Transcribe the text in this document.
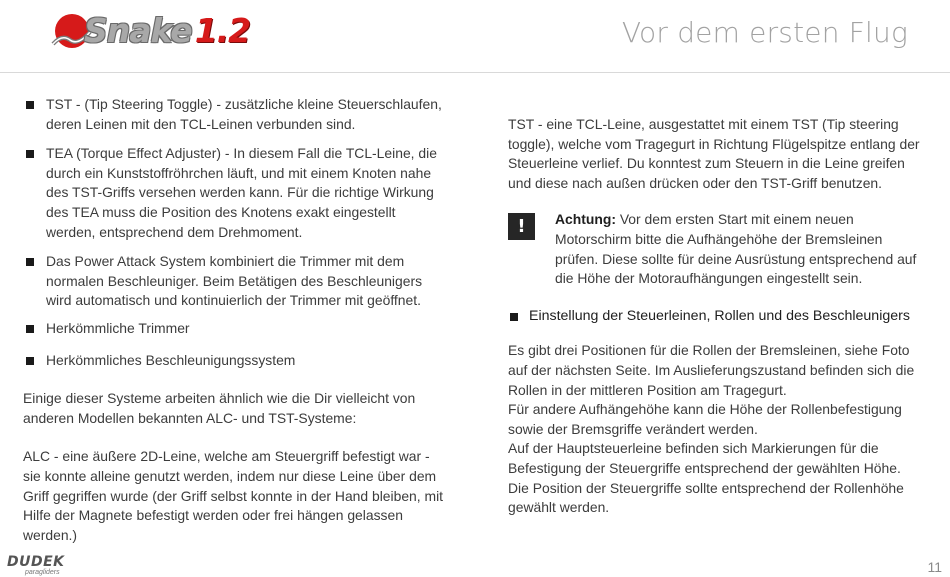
Snake1.2	Vor dem ersten Flug

TST - (Tip Steering Toggle) - zusätzliche kleine Steuerschlaufen, deren Leinen mit den TCL-Leinen verbunden sind.

TEA (Torque Effect Adjuster) - In diesem Fall die TCL-Leine, die durch ein Kunststoffröhrchen läuft, und mit einem Knoten nahe des TST-Griffs versehen werden kann. Für die richtige Wirkung des TEA muss die Position des Knotens exakt eingestellt werden, entsprechend dem Drehmoment.

Das Power Attack System kombiniert die Trimmer mit dem normalen Beschleuniger. Beim Betätigen des Beschleunigers wird automatisch und kontinuierlich der Trimmer mit geöffnet.

Herkömmliche Trimmer

Herkömmliches Beschleunigungssystem

Einige dieser Systeme arbeiten ähnlich wie die Dir vielleicht von anderen Modellen bekannten ALC- und TST-Systeme:

ALC - eine äußere 2D-Leine, welche am Steuergriff befestigt war - sie konnte alleine genutzt werden, indem nur diese Leine über dem Griff gegriffen wurde (der Griff selbst konnte in der Hand bleiben, mit Hilfe der Magnete befestigt werden oder frei hängen gelassen werden.)

TST - eine TCL-Leine, ausgestattet mit einem TST (Tip steering toggle), welche vom Tragegurt in Richtung Flügelspitze entlang der Steuerleine verlief. Du konntest zum Steuern in die Leine greifen und diese nach außen drücken oder den TST-Griff benutzen.

!	Achtung: Vor dem ersten Start mit einem neuen Motorschirm bitte die Aufhängehöhe der Bremsleinen prüfen. Diese sollte für deine Ausrüstung entsprechend auf die Höhe der Motoraufhängungen eingestellt sein.

Einstellung der Steuerleinen, Rollen und des Beschleunigers

Es gibt drei Positionen für die Rollen der Bremsleinen, siehe Foto auf der nächsten Seite. Im Auslieferungszustand befinden sich die Rollen in der mittleren Position am Tragegurt.

Für andere Aufhängehöhe kann die Höhe der Rollenbefestigung sowie der Bremsgriffe verändert werden.

Auf der Hauptsteuerleine befinden sich Markierungen für die Befestigung der Steuergriffe entsprechend der gewählten Höhe.

Die Position der Steuergriffe sollte entsprechend der Rollenhöhe gewählt werden.

DUDEK
paragliders	11
